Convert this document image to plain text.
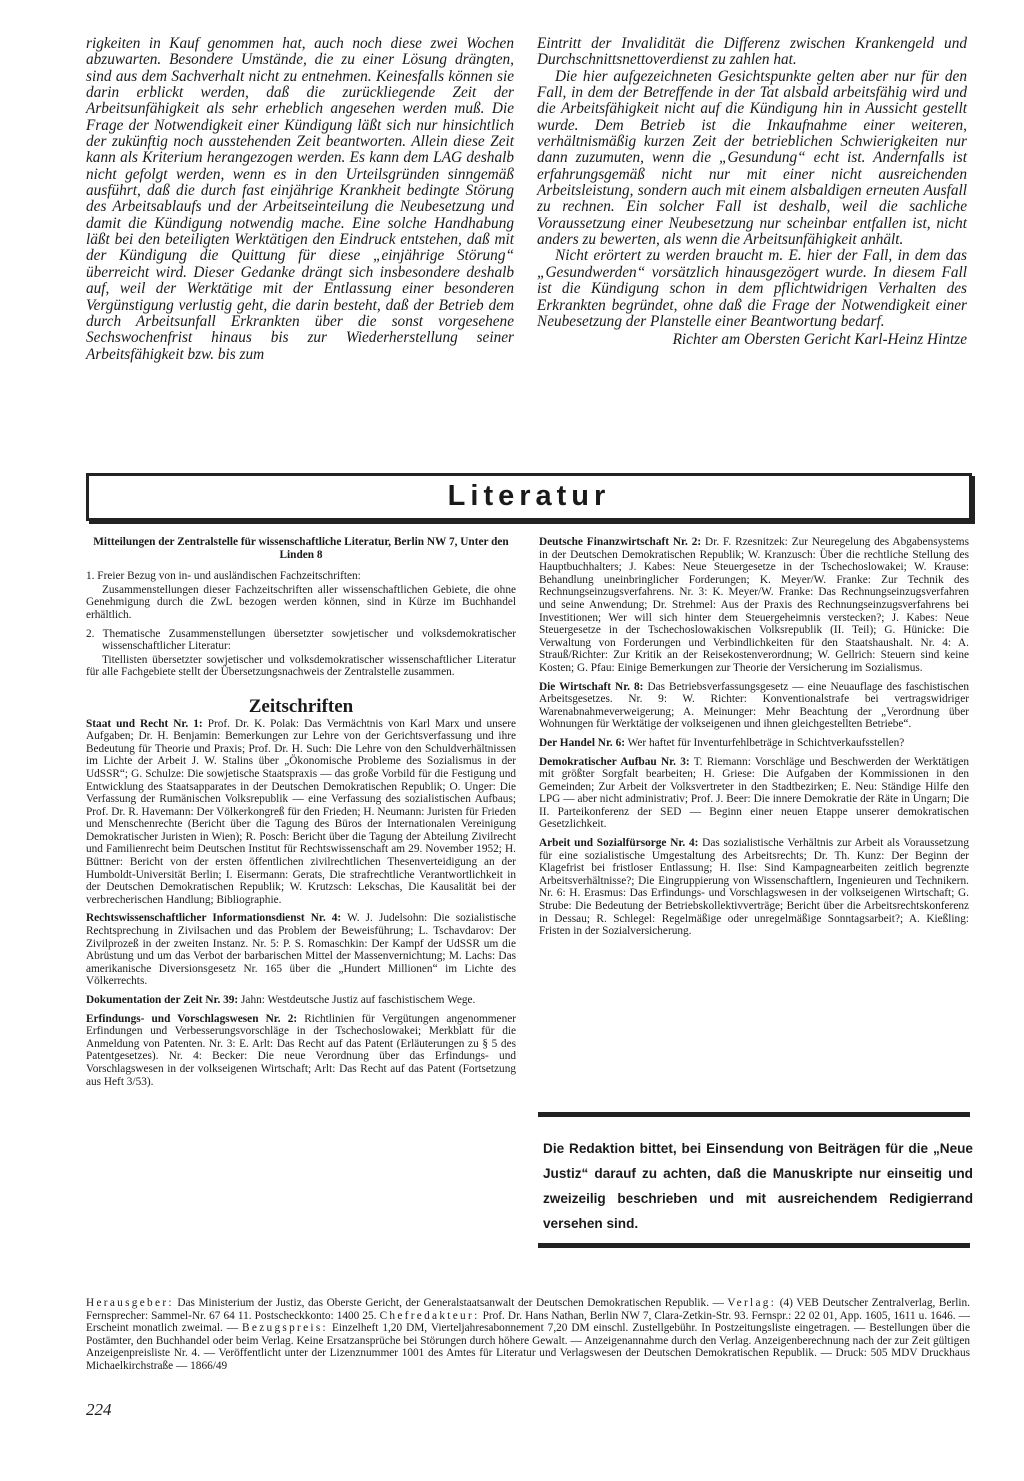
rigkeiten in Kauf genommen hat, auch noch diese zwei Wochen abzuwarten. Besondere Umstände, die zu einer Lösung drängten, sind aus dem Sachverhalt nicht zu entnehmen. Keinesfalls können sie darin erblickt werden, daß die zurückliegende Zeit der Arbeitsunfähigkeit als sehr erheblich angesehen werden muß. Die Frage der Notwendigkeit einer Kündigung läßt sich nur hinsichtlich der zukünftig noch ausstehenden Zeit beantworten. Allein diese Zeit kann als Kriterium herangezogen werden. Es kann dem LAG deshalb nicht gefolgt werden, wenn es in den Urteilsgründen sinngemäß ausführt, daß die durch fast einjährige Krankheit bedingte Störung des Arbeitsablaufs und der Arbeitseinteilung die Neubesetzung und damit die Kündigung notwendig mache. Eine solche Handhabung läßt bei den beteiligten Werktätigen den Eindruck entstehen, daß mit der Kündigung die Quittung für diese „einjährige Störung“ überreicht wird. Dieser Gedanke drängt sich insbesondere deshalb auf, weil der Werktätige mit der Entlassung einer besonderen Vergünstigung verlustig geht, die darin besteht, daß der Betrieb dem durch Arbeitsunfall Erkrankten über die sonst vorgesehene Sechswochenfrist hinaus bis zur Wiederherstellung seiner Arbeitsfähigkeit bzw. bis zum

Eintritt der Invalidität die Differenz zwischen Krankengeld und Durchschnittsnettoverdienst zu zahlen hat.

Die hier aufgezeichneten Gesichtspunkte gelten aber nur für den Fall, in dem der Betreffende in der Tat alsbald arbeitsfähig wird und die Arbeitsfähigkeit nicht auf die Kündigung hin in Aussicht gestellt wurde. Dem Betrieb ist die Inkaufnahme einer weiteren, verhältnismäßig kurzen Zeit der betrieblichen Schwierigkeiten nur dann zuzumuten, wenn die „Gesundung“ echt ist. Andernfalls ist erfahrungsgemäß nicht nur mit einer nicht ausreichenden Arbeitsleistung, sondern auch mit einem alsbaldigen erneuten Ausfall zu rechnen. Ein solcher Fall ist deshalb, weil die sachliche Voraussetzung einer Neubesetzung nur scheinbar entfallen ist, nicht anders zu bewerten, als wenn die Arbeitsunfähigkeit anhält.

Nicht erörtert zu werden braucht m. E. hier der Fall, in dem das „Gesundwerden“ vorsätzlich hinausgezögert wurde. In diesem Fall ist die Kündigung schon in dem pflichtwidrigen Verhalten des Erkrankten begründet, ohne daß die Frage der Notwendigkeit einer Neubesetzung der Planstelle einer Beantwortung bedarf.

Richter am Obersten Gericht Karl-Heinz Hintze

Literatur

Mitteilungen der Zentralstelle für wissenschaftliche Literatur, Berlin NW 7, Unter den Linden 8

1. Freier Bezug von in- und ausländischen Fachzeitschriften:

Zusammenstellungen dieser Fachzeitschriften aller wissenschaftlichen Gebiete, die ohne Genehmigung durch die ZwL bezogen werden können, sind in Kürze im Buchhandel erhältlich.

2. Thematische Zusammenstellungen übersetzter sowjetischer und volksdemokratischer wissenschaftlicher Literatur:

Titellisten übersetzter sowjetischer und volksdemokratischer wissenschaftlicher Literatur für alle Fachgebiete stellt der Übersetzungsnachweis der Zentralstelle zusammen.

Zeitschriften

Staat und Recht Nr. 1: Prof. Dr. K. Polak: Das Vermächtnis von Karl Marx und unsere Aufgaben; Dr. H. Benjamin: Bemerkungen zur Lehre von der Gerichtsverfassung und ihre Bedeutung für Theorie und Praxis; Prof. Dr. H. Such: Die Lehre von den Schuldverhältnissen im Lichte der Arbeit J. W. Stalins über „Ökonomische Probleme des Sozialismus in der UdSSR“; G. Schulze: Die sowjetische Staatspraxis — das große Vorbild für die Festigung und Entwicklung des Staatsapparates in der Deutschen Demokratischen Republik; O. Unger: Die Verfassung der Rumänischen Volksrepublik — eine Verfassung des sozialistischen Aufbaus; Prof. Dr. R. Havemann: Der Völkerkongreß für den Frieden; H. Neumann: Juristen für Frieden und Menschenrechte (Bericht über die Tagung des Büros der Internationalen Vereinigung Demokratischer Juristen in Wien); R. Posch: Bericht über die Tagung der Abteilung Zivilrecht und Familienrecht beim Deutschen Institut für Rechtswissenschaft am 29. November 1952; H. Büttner: Bericht von der ersten öffentlichen zivilrechtlichen Thesenverteidigung an der Humboldt-Universität Berlin; I. Eisermann: Gerats, Die strafrechtliche Verantwortlichkeit in der Deutschen Demokratischen Republik; W. Krutzsch: Lekschas, Die Kausalität bei der verbrecherischen Handlung; Bibliographie.

Rechtswissenschaftlicher Informationsdienst Nr. 4: W. J. Judelsohn: Die sozialistische Rechtsprechung in Zivilsachen und das Problem der Beweisführung; L. Tschavdarov: Der Zivilprozeß in der zweiten Instanz. Nr. 5: P. S. Romaschkin: Der Kampf der UdSSR um die Abrüstung und um das Verbot der barbarischen Mittel der Massenvernichtung; M. Lachs: Das amerikanische Diversionsgesetz Nr. 165 über die „Hundert Millionen“ im Lichte des Völkerrechts.

Dokumentation der Zeit Nr. 39: Jahn: Westdeutsche Justiz auf faschistischem Wege.

Erfindungs- und Vorschlagswesen Nr. 2: Richtlinien für Vergütungen angenommener Erfindungen und Verbesserungsvorschläge in der Tschechoslowakei; Merkblatt für die Anmeldung von Patenten. Nr. 3: E. Arlt: Das Recht auf das Patent (Erläuterungen zu § 5 des Patentgesetzes). Nr. 4: Becker: Die neue Verordnung über das Erfindungs- und Vorschlagswesen in der volkseigenen Wirtschaft; Arlt: Das Recht auf das Patent (Fortsetzung aus Heft 3/53).

Deutsche Finanzwirtschaft Nr. 2: Dr. F. Rzesnitzek: Zur Neuregelung des Abgabensystems in der Deutschen Demokratischen Republik; W. Kranzusch: Über die rechtliche Stellung des Hauptbuchhalters; J. Kabes: Neue Steuergesetze in der Tschechoslowakei; W. Krause: Behandlung uneinbringlicher Forderungen; K. Meyer/W. Franke: Zur Technik des Rechnungseinzugsverfahrens. Nr. 3: K. Meyer/W. Franke: Das Rechnungseinzugsverfahren und seine Anwendung; Dr. Strehmel: Aus der Praxis des Rechnungseinzugsverfahrens bei Investitionen; Wer will sich hinter dem Steuergeheimnis verstecken?; J. Kabes: Neue Steuergesetze in der Tschechoslowakischen Volksrepublik (II. Teil); G. Hünicke: Die Verwaltung von Forderungen und Verbindlichkeiten für den Staatshaushalt. Nr. 4: A. Strauß/Richter: Zur Kritik an der Reisekostenverordnung; W. Gellrich: Steuern sind keine Kosten; G. Pfau: Einige Bemerkungen zur Theorie der Versicherung im Sozialismus.

Die Wirtschaft Nr. 8: Das Betriebsverfassungsgesetz — eine Neuauflage des faschistischen Arbeitsgesetzes. Nr. 9: W. Richter: Konventionalstrafe bei vertragswidriger Warenabnahmeverweigerung; A. Meinunger: Mehr Beachtung der „Verordnung über Wohnungen für Werktätige der volkseigenen und ihnen gleichgestellten Betriebe“.

Der Handel Nr. 6: Wer haftet für Inventurfehlbeträge in Schichtverkaufsstellen?

Demokratischer Aufbau Nr. 3: T. Riemann: Vorschläge und Beschwerden der Werktätigen mit größter Sorgfalt bearbeiten; H. Griese: Die Aufgaben der Kommissionen in den Gemeinden; Zur Arbeit der Volksvertreter in den Stadtbezirken; E. Neu: Ständige Hilfe den LPG — aber nicht administrativ; Prof. J. Beer: Die innere Demokratie der Räte in Ungarn; Die II. Parteikonferenz der SED — Beginn einer neuen Etappe unserer demokratischen Gesetzlichkeit.

Arbeit und Sozialfürsorge Nr. 4: Das sozialistische Verhältnis zur Arbeit als Voraussetzung für eine sozialistische Umgestaltung des Arbeitsrechts; Dr. Th. Kunz: Der Beginn der Klagefrist bei fristloser Entlassung; H. Ilse: Sind Kampagnearbeiten zeitlich begrenzte Arbeitsverhältnisse?; Die Eingruppierung von Wissenschaftlern, Ingenieuren und Technikern. Nr. 6: H. Erasmus: Das Erfindungs- und Vorschlagswesen in der volkseigenen Wirtschaft; G. Strube: Die Bedeutung der Betriebskollektivverträge; Bericht über die Arbeitsrechtskonferenz in Dessau; R. Schlegel: Regelmäßige oder unregelmäßige Sonntagsarbeit?; A. Kießling: Fristen in der Sozialversicherung.

Die Redaktion bittet, bei Einsendung von Beiträgen für die „Neue Justiz“ darauf zu achten, daß die Manuskripte nur einseitig und zweizeilig beschrieben und mit ausreichendem Redigierrand versehen sind.
Herausgeber: Das Ministerium der Justiz, das Oberste Gericht, der Generalstaatsanwalt der Deutschen Demokratischen Republik. — Verlag: (4) VEB Deutscher Zentralverlag, Berlin. Fernsprecher: Sammel-Nr. 67 64 11. Postscheckkonto: 1400 25. Chefredakteur: Prof. Dr. Hans Nathan, Berlin NW 7, Clara-Zetkin-Str. 93. Fernspr.: 22 02 01, App. 1605, 1611 u. 1646. — Erscheint monatlich zweimal. — Bezugspreis: Einzelheft 1,20 DM, Vierteljahresabonnement 7,20 DM einschl. Zustellgebühr. In Postzeitungsliste eingetragen. — Bestellungen über die Postämter, den Buchhandel oder beim Verlag. Keine Ersatzansprüche bei Störungen durch höhere Gewalt. — Anzeigenannahme durch den Verlag. Anzeigenberechnung nach der zur Zeit gültigen Anzeigenpreisliste Nr. 4. — Veröffentlicht unter der Lizenznummer 1001 des Amtes für Literatur und Verlagswesen der Deutschen Demokratischen Republik. — Druck: 505 MDV Druckhaus Michaelkirchstraße — 1866/49
224
